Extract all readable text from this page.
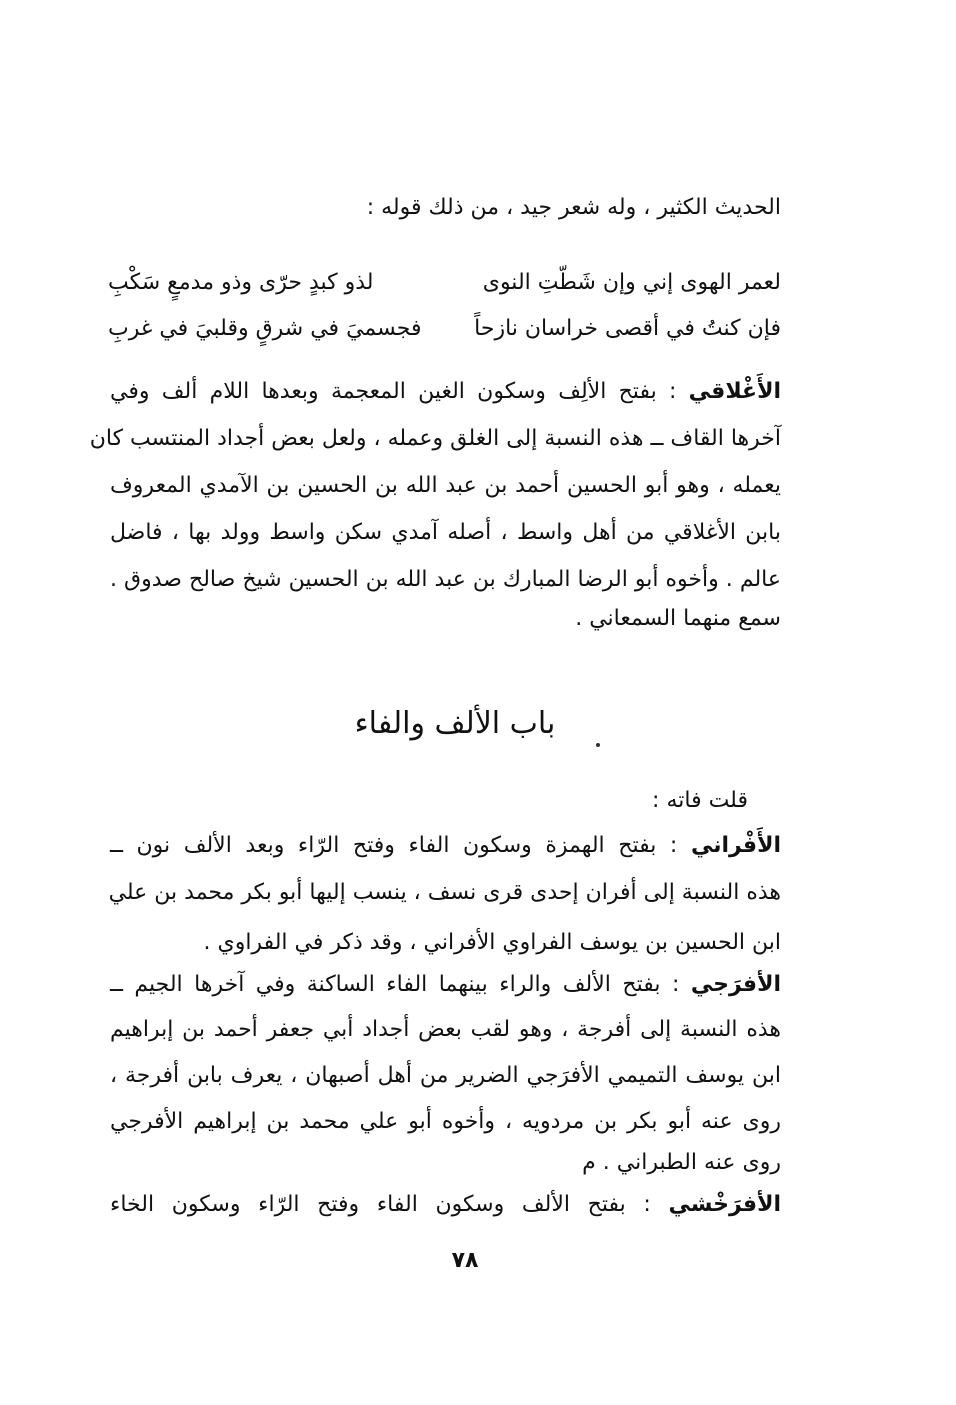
الحديث الكثير ، وله شعر جيد ، من ذلك قوله :
لعمر الهوى إني وإن شَطّتِ النوى
لذو كبدٍ حرّى وذو مدمعٍ سَكْبِ
فإن كنتُ في أقصى خراسان نازحاً
فجسميَ في شرقٍ وقلبيَ في غربِ
الأَغْلاقي : بفتح الألِف وسكون الغين المعجمة وبعدها اللام ألف وفي
آخرها القاف ــ هذه النسبة إلى الغلق وعمله ، ولعل بعض أجداد المنتسب كان
يعمله ، وهو أبو الحسين أحمد بن عبد الله بن الحسين بن الآمدي المعروف
بابن الأغلاقي من أهل واسط ، أصله آمدي سكن واسط وولد بها ، فاضل
عالم . وأخوه أبو الرضا المبارك بن عبد الله بن الحسين شيخ صالح صدوق .
سمع منهما السمعاني .
باب الألف والفاء
قلت فاته :
الأَفْراني : بفتح الهمزة وسكون الفاء وفتح الرّاء وبعد الألف نون ــ
هذه النسبة إلى أفران إحدى قرى نسف ، ينسب إليها أبو بكر محمد بن علي
ابن الحسين بن يوسف الفراوي الأفراني ، وقد ذكر في الفراوي .
الأفرَجي : بفتح الألف والراء بينهما الفاء الساكنة وفي آخرها الجيم ــ
هذه النسبة إلى أفرجة ، وهو لقب بعض أجداد أبي جعفر أحمد بن إبراهيم
ابن يوسف التميمي الأفرَجي الضرير من أهل أصبهان ، يعرف بابن أفرجة ،
روى عنه أبو بكر بن مردويه ، وأخوه أبو علي محمد بن إبراهيم الأفرجي
روى عنه الطبراني . م
الأفرَخْشي : بفتح الألف وسكون الفاء وفتح الرّاء وسكون الخاء
٧٨
